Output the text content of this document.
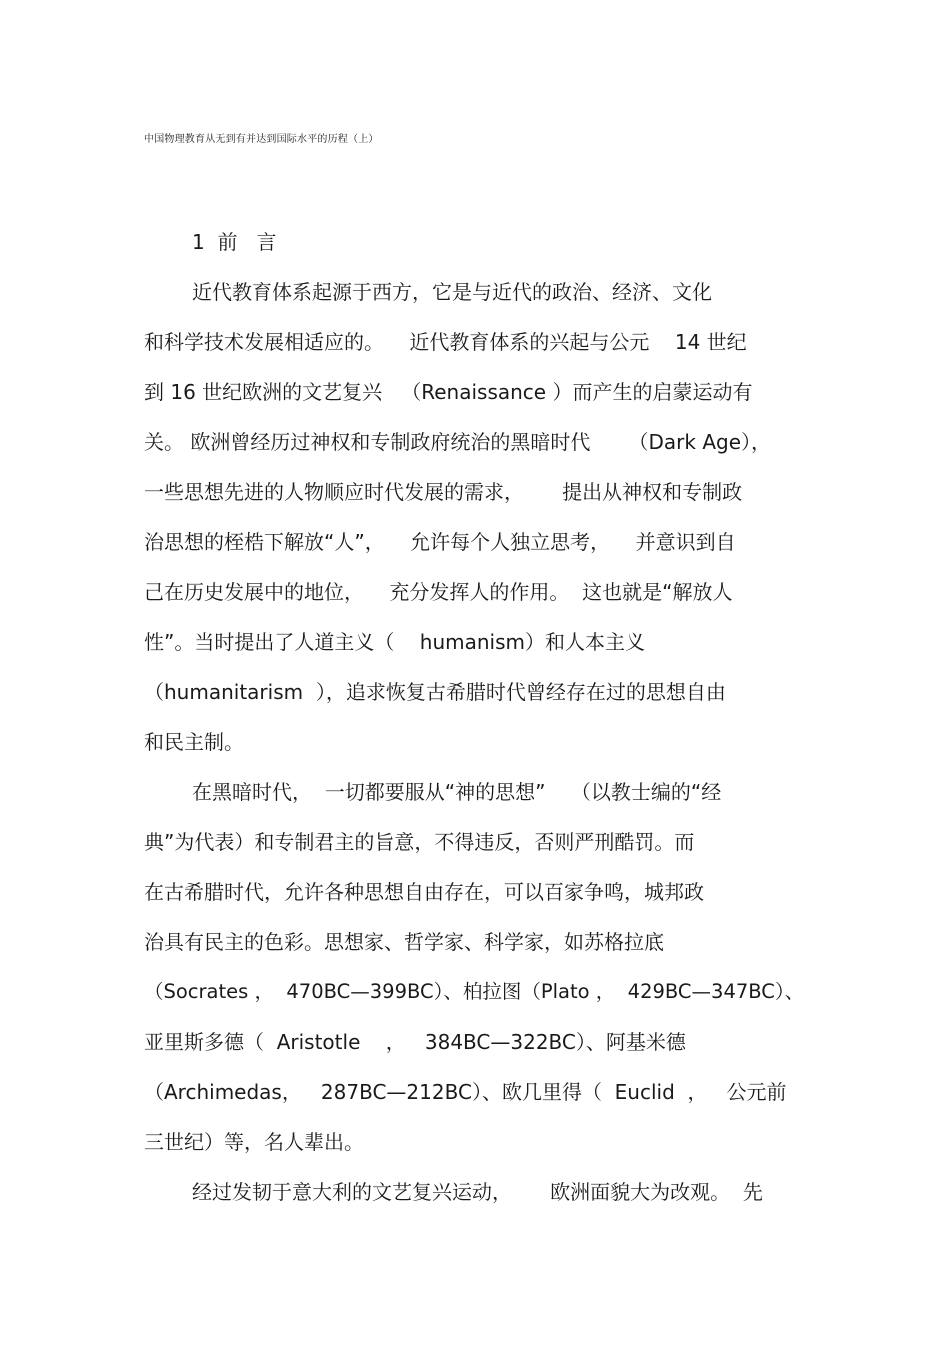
中国物理教育从无到有并达到国际水平的历程（上）
1  前   言
近代教育体系起源于西方，它是与近代的政治、经济、文化
和科学技术发展相适应的。    近代教育体系的兴起与公元    14 世纪
到 16 世纪欧洲的文艺复兴   （Renaissance ）而产生的启蒙运动有
关。 欧洲曾经历过神权和专制政府统治的黑暗时代      （Dark Age），
一些思想先进的人物顺应时代发展的需求，      提出从神权和专制政
治思想的桎梏下解放“人”，    允许每个人独立思考，    并意识到自
己在历史发展中的地位，    充分发挥人的作用。  这也就是“解放人
性”。当时提出了人道主义（    humanism）和人本主义
（humanitarism  ），追求恢复古希腊时代曾经存在过的思想自由
和民主制。
在黑暗时代，  一切都要服从“神的思想”    （以教士编的“经
典”为代表）和专制君主的旨意，不得违反，否则严刑酷罚。而
在古希腊时代，允许各种思想自由存在，可以百家争鸣，城邦政
治具有民主的色彩。思想家、哲学家、科学家，如苏格拉底
（Socrates ，  470BC—399BC）、柏拉图（Plato ，  429BC—347BC）、
亚里斯多德（  Aristotle    ，   384BC—322BC）、阿基米德
（Archimedas，   287BC—212BC）、欧几里得（  Euclid  ，   公元前
三世纪）等，名人辈出。
经过发韧于意大利的文艺复兴运动，      欧洲面貌大为改观。  先
